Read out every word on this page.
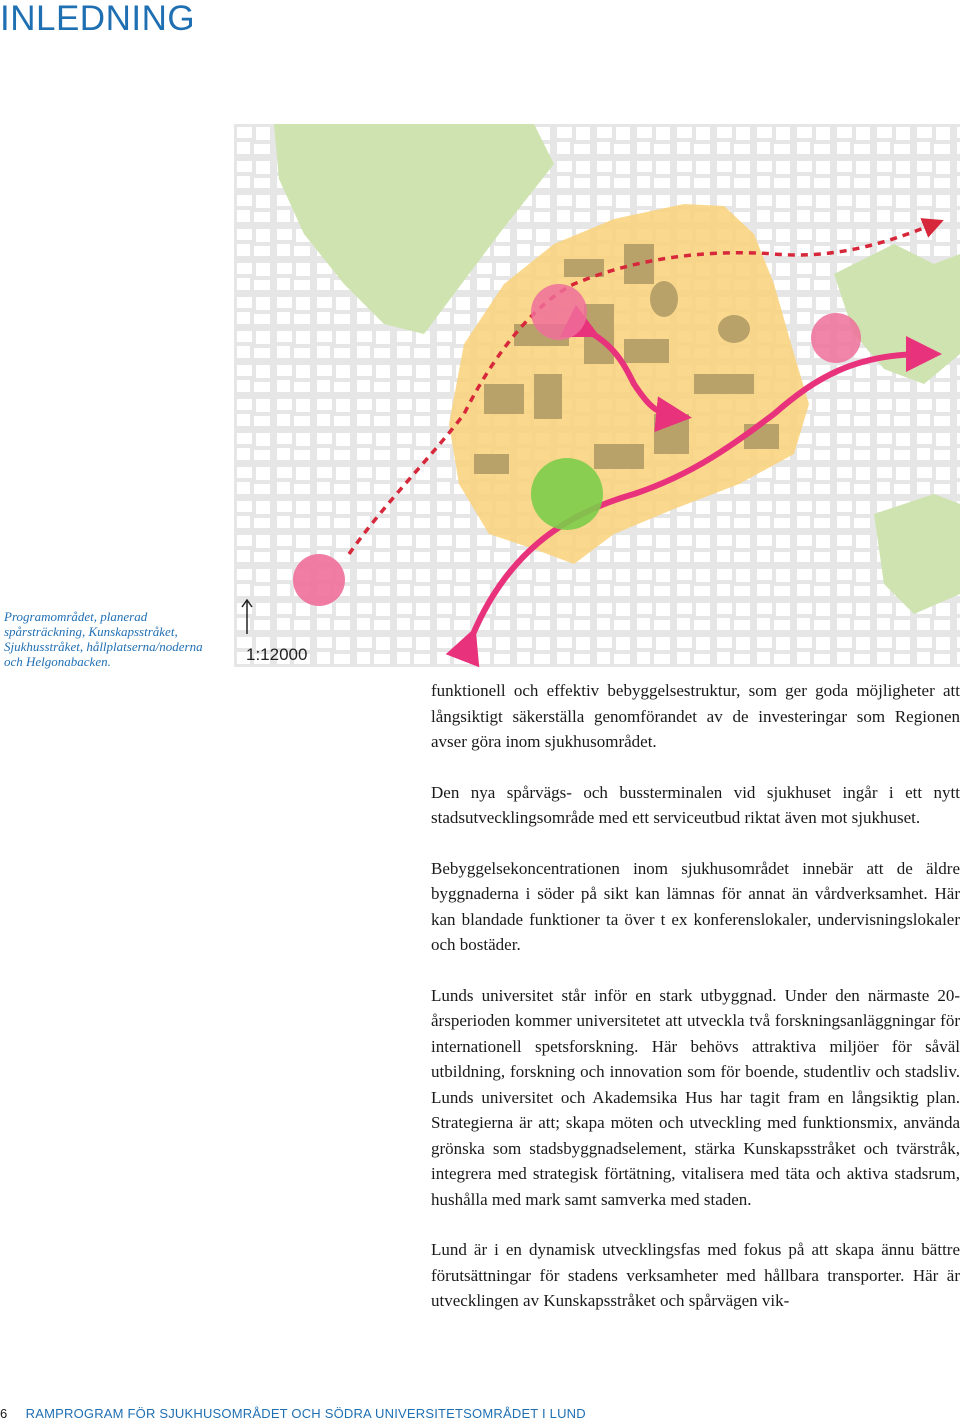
INLEDNING
1:12000
Programområdet, planerad spårsträckning, Kunskapsstråket, Sjukhusstråket, hållplatserna/noderna och Helgonabacken.

funktionell och effektiv bebyggelsestruktur, som ger goda möjligheter att långsiktigt säkerställa genomförandet av de investeringar som Regionen avser göra inom sjukhusområdet.

Den nya spårvägs- och bussterminalen vid sjukhuset ingår i ett nytt stadsutvecklingsområde med ett serviceutbud riktat även mot sjukhuset.

Bebyggelsekoncentrationen inom sjukhusområdet innebär att de äldre byggnaderna i söder på sikt kan lämnas för annat än vårdverksamhet. Här kan blandade funktioner ta över t ex konferenslokaler, undervisningslokaler och bostäder.

Lunds universitet står inför en stark utbyggnad. Under den närmaste 20-årsperioden kommer universitetet att utveckla två forskningsanläggningar för internationell spetsforskning. Här behövs attraktiva miljöer för såväl utbildning, forskning och innovation som för boende, studentliv och stadsliv. Lunds universitet och Akademsika Hus har tagit fram en långsiktig plan. Strategierna är att; skapa möten och utveckling med funktionsmix, använda grönska som stadsbyggnadselement, stärka Kunskapsstråket och tvärstråk, integrera med strategisk förtätning, vitalisera med täta och aktiva stadsrum, hushålla med mark samt samverka med staden.

Lund är i en dynamisk utvecklingsfas med fokus på att skapa ännu bättre förutsättningar för stadens verksamheter med hållbara transporter. Här är utvecklingen av Kunskapsstråket och spårvägen vik-

6 RAMPROGRAM FÖR SJUKHUSOMRÅDET OCH SÖDRA UNIVERSITETSOMRÅDET I LUND
